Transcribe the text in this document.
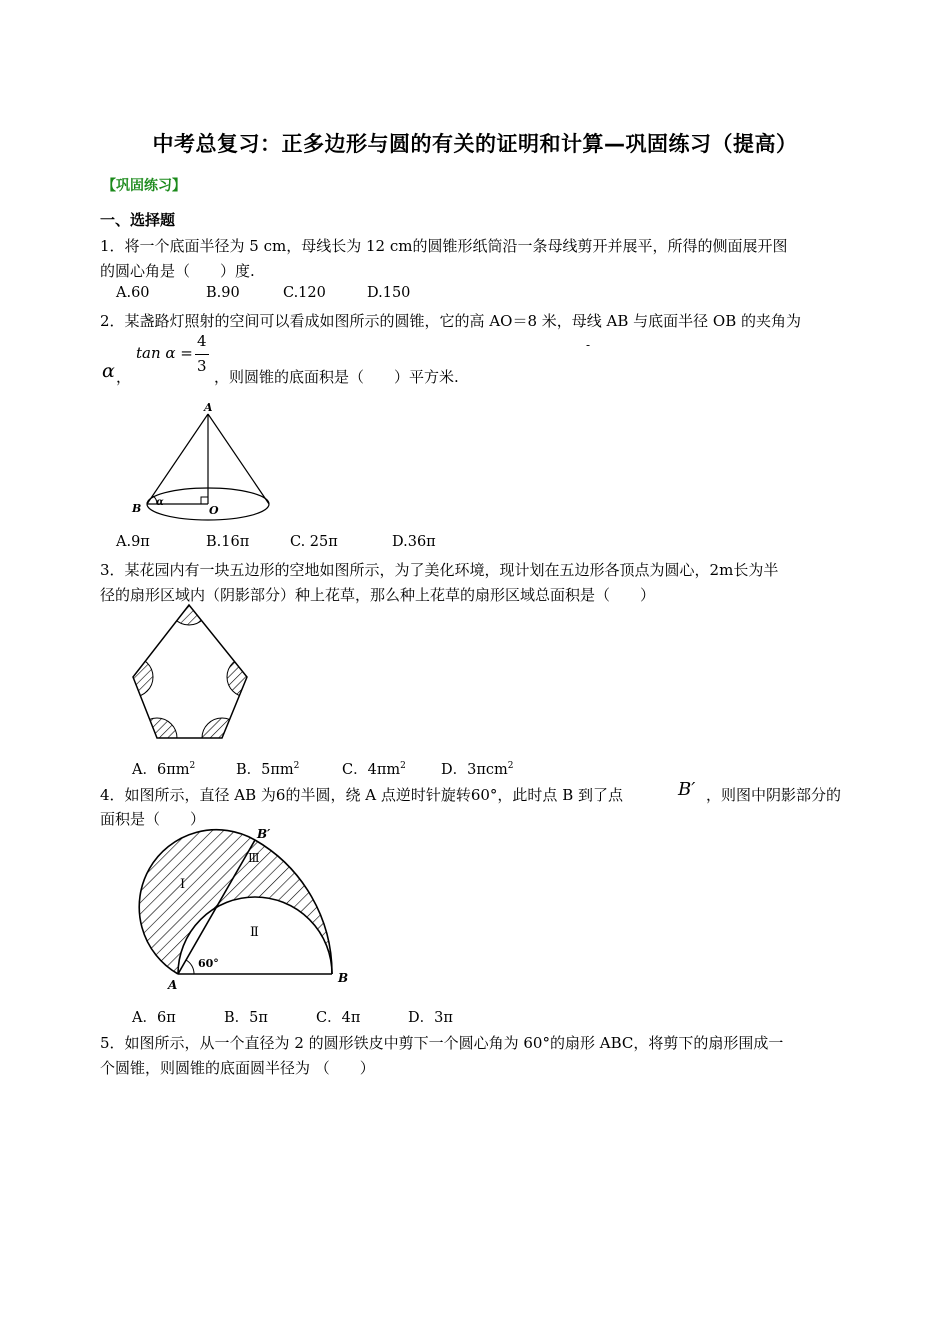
中考总复习：正多边形与圆的有关的证明和计算—巩固练习（提高）
【巩固练习】
一、选择题
1．将一个底面半径为 5 cm，母线长为 12 cm的圆锥形纸筒沿一条母线剪开并展平，所得的侧面展开图
的圆心角是（　　）度.
A.60	B.90	C.120	D.150
2．某盏路灯照射的空间可以看成如图所示的圆锥，它的高 AO＝8 米，母线 AB 与底面半径 OB 的夹角为
α ，
tan α =
4
3
，则圆锥的底面积是（　　）平方米.
-
A
B	O
α
A.9π	B.16π	C. 25π	D.36π
3．某花园内有一块五边形的空地如图所示，为了美化环境，现计划在五边形各顶点为圆心，2m长为半
径的扇形区域内（阴影部分）种上花草，那么种上花草的扇形区域总面积是（　　）
A．$6\pi m^2$	B．$5\pi m^2$	C．$4\pi m^2$ D．3πcm$^2$
4．如图所示，直径 AB 为6的半圆，绕 A 点逆时针旋转60°，此时点 B 到了点	B′ ，则图中阴影部分的
面积是（　　）
A	B
B′
Ⅰ
Ⅱ
Ⅲ
60°
A．6π	B．5π	C．4π	D．3π
5．如图所示，从一个直径为 2 的圆形铁皮中剪下一个圆心角为 60°的扇形 ABC，将剪下的扇形围成一
个圆锥，则圆锥的底面圆半径为 （　　）
